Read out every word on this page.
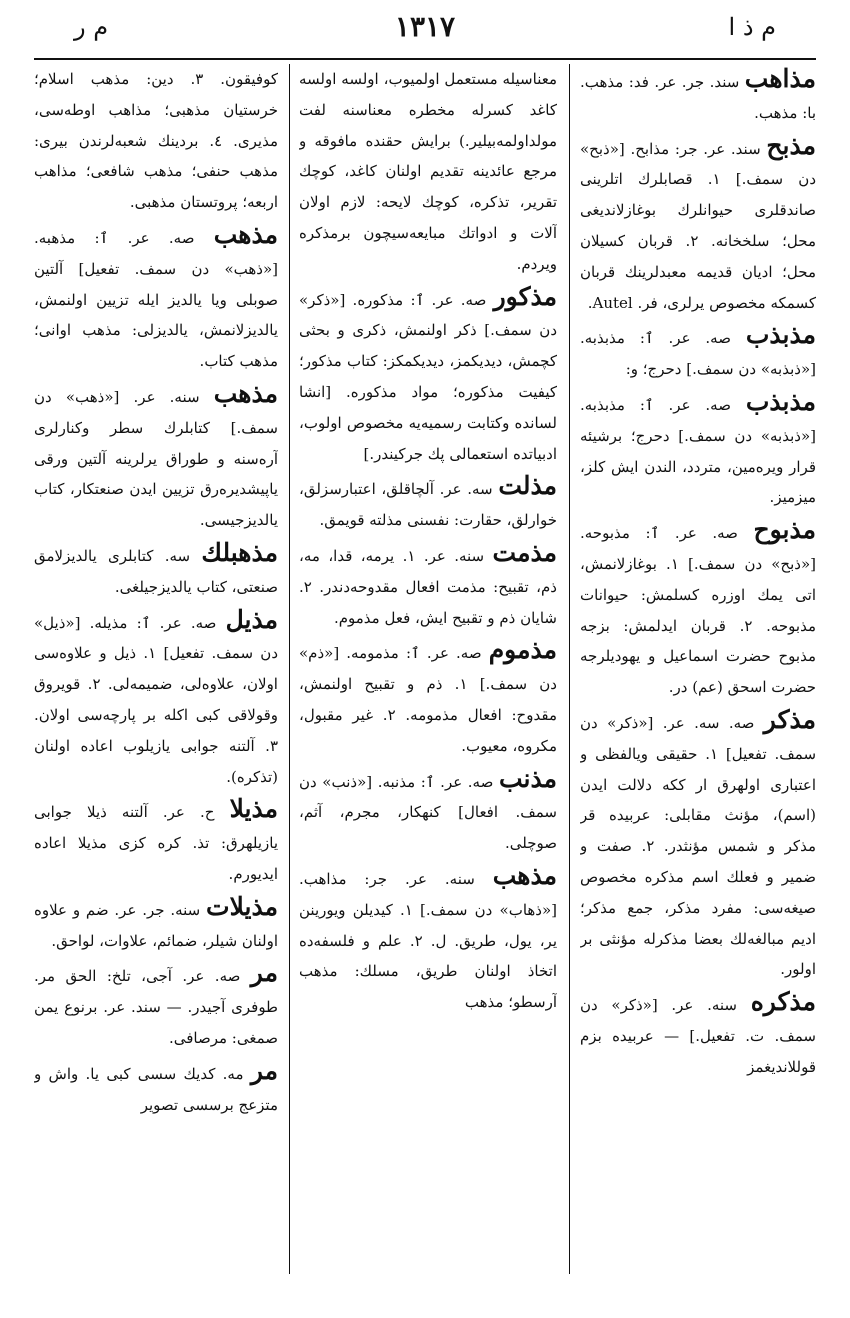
م ذ ا
١٣١٧
م ر

مذاهب سند. جر. عر. فد: مذهب. با: مذهب.

مذبح سند. عر. جر: مذابح. [«ذبح» دن سمف.] ١. قصابلرك اتلرینی صاندقلری حیوانلرك بوغازلاندیغی محل؛ سلخخانه. ٢. قربان کسیلان محل؛ ادیان قدیمه معبدلرینك قربان کسمکه مخصوص یرلری، فر. Autel.

مذبذب صه. عر. ٱ: مذبذبه. [«ذبذبه» دن سمف.] دحرج؛ و:

مذبذب صه. عر. ٱ: مذبذبه. [«ذبذبه» دن سمف.] دحرج؛ برشیئه قرار ویره‌مین، متردد، الندن ایش کلز، میزمیز.

مذبوح صه. عر. ٱ: مذبوحه. [«ذبح» دن سمف.] ١. بوغازلانمش، اتی یمك اوزره کسلمش: حیوانات مذبوحه. ٢. قربان ایدلمش: بزجه مذبوح حضرت اسماعیل و یهودیلرجه حضرت اسحق (عم) در.

مذکر صه. سه. عر. [«ذکر» دن سمف. تفعیل] ١. حقیقی ویالفظی و اعتباری اولهرق ار ککه دلالت ایدن (اسم)، مؤنث مقابلی: عربیده قر مذکر و شمس مؤنثدر. ٢. صفت و ضمیر و فعلك اسم مذکره مخصوص صیغه‌سی: مفرد مذکر، جمع مذکر؛ ادیم مبالغه‌لك بعضا مذکرله مؤنثی بر اولور.

مذکره سنه. عر. [«ذکر» دن سمف. ت. تفعیل.] — عربیده بزم قوللاندیغمز

معناسیله مستعمل اولمیوب، اولسه اولسه کاغد کسرله مخطره معناسنه لفت مولداولمه‌بیلیر.) برایش حقنده مافوقه و مرجع عائدینه تقدیم اولنان کاغد، کوچك تقریر، تذکره، کوچك لایحه: لازم اولان آلات و ادواتك مبایعه‌سیچون برمذکره ویردم.

مذکور صه. عر. ٱ: مذکوره. [«ذکر» دن سمف.] ذکر اولنمش، ذکری و بحثی کچمش، دیدیکمز، دیدیکمکز: کتاب مذکور؛ کیفیت مذکوره؛ مواد مذکوره. [انشا لسانده وکتابت رسمیه‌یه مخصوص اولوب، ادبیاتده استعمالی پك جرکیندر.]

مذلت سه. عر. آلچاقلق، اعتبارسزلق، خوارلق، حقارت: نفسنی مذلته قویمق.

مذمت سنه. عر. ١. یرمه، قدا، مه، ذم، تقبیح: مذمت افعال مقدوحه‌دندر. ٢. شایان ذم و تقبیح ایش، فعل مذموم.

مذموم صه. عر. ٱ: مذمومه. [«ذم» دن سمف.] ١. ذم و تقبیح اولنمش، مقدوح: افعال مذمومه. ٢. غیر مقبول، مکروه، معیوب.

مذنب صه. عر. ٱ: مذنبه. [«ذنب» دن سمف. افعال] کنهکار، مجرم، آثم، صوچلی.

مذهب سنه. عر. جر: مذاهب. [«ذهاب» دن سمف.] ١. کیدیلن ویورینن یر، یول، طریق. ل. ٢. علم و فلسفه‌ده اتخاذ اولنان طریق، مسلك: مذهب آرسطو؛ مذهب

کوفیقون. ٣. دین: مذهب اسلام؛ خرستیان مذهبی؛ مذاهب اوطه‌سی، مذیری. ٤. بردینك شعبه‌لرندن بیری: مذهب حنفی؛ مذهب شافعی؛ مذاهب اربعه؛ پروتستان مذهبی.

مذهب صه. عر. ٱ: مذهبه. [«ذهب» دن سمف. تفعیل] آلتین صوبلی ویا یالدیز ایله تزیین اولنمش، یالدیزلانمش، یالدیزلی: مذهب اوانی؛ مذهب کتاب.

مذهب سنه. عر. [«ذهب» دن سمف.] کتابلرك سطر وکنارلری آره‌سنه و طوراق یرلرینه آلتین ورقی یاپیشدیره‌رق تزیین ایدن صنعتکار، کتاب یالدیزجیسی.

مذهبلك سه. کتابلری یالدیزلامق صنعتی، کتاب یالدیزجیلغی.

مذیل صه. عر. ٱ: مذیله. [«ذیل» دن سمف. تفعیل] ١. ذیل و علاوه‌سی اولان، علاوه‌لی، ضمیمه‌لی. ٢. قویروق وقولاقی کبی اکله بر پارچه‌سی اولان. ٣. آلتنه جوابی یازیلوب اعاده اولنان (تذکره).

مذیلا ح. عر. آلتنه ذیلا جوابی یازیلهرق: تذ. کره کزی مذیلا اعاده ایدیورم.

مذیلات سنه. جر. عر. ضم و علاوه اولنان شیلر، ضمائم، علاوات، لواحق.

مر صه. عر. آجی، تلخ: الحق مر. طوفری آجیدر. — سند. عر. برنوع یمن صمغی: مرصافی.

مر مه. کدیك سسی کبی یا. واش و متزعج برسسی تصویر
